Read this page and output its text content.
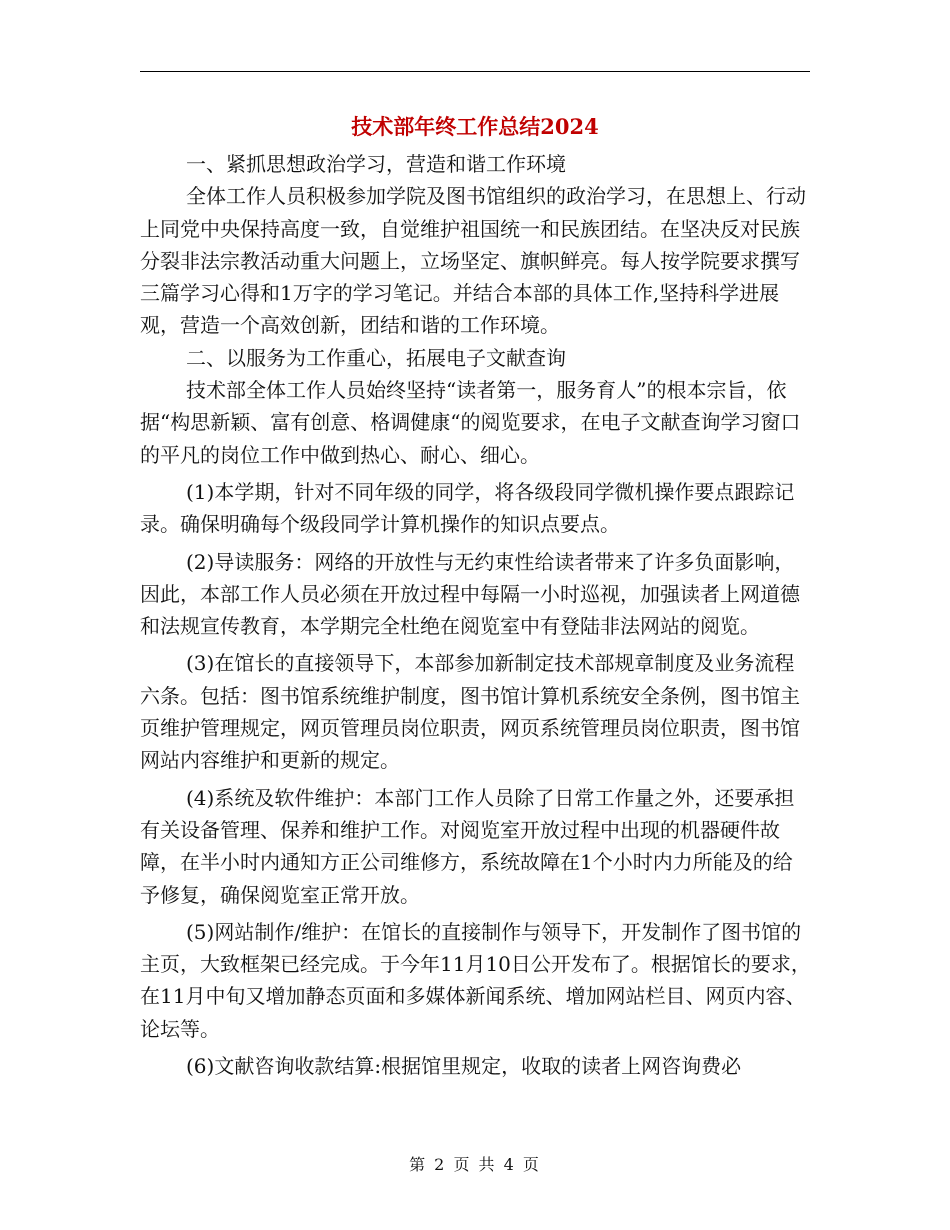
技术部年终工作总结2024

一、紧抓思想政治学习，营造和谐工作环境

全体工作人员积极参加学院及图书馆组织的政治学习，在思想上、行动上同党中央保持高度一致，自觉维护祖国统一和民族团结。在坚决反对民族分裂非法宗教活动重大问题上，立场坚定、旗帜鲜亮。每人按学院要求撰写三篇学习心得和1万字的学习笔记。并结合本部的具体工作,坚持科学进展观，营造一个高效创新，团结和谐的工作环境。

二、以服务为工作重心，拓展电子文献查询

技术部全体工作人员始终坚持“读者第一，服务育人”的根本宗旨，依据“构思新颖、富有创意、格调健康“的阅览要求，在电子文献查询学习窗口的平凡的岗位工作中做到热心、耐心、细心。

(1)本学期，针对不同年级的同学，将各级段同学微机操作要点跟踪记录。确保明确每个级段同学计算机操作的知识点要点。

(2)导读服务：网络的开放性与无约束性给读者带来了许多负面影响，因此，本部工作人员必须在开放过程中每隔一小时巡视，加强读者上网道德和法规宣传教育，本学期完全杜绝在阅览室中有登陆非法网站的阅览。

(3)在馆长的直接领导下，本部参加新制定技术部规章制度及业务流程六条。包括：图书馆系统维护制度，图书馆计算机系统安全条例，图书馆主页维护管理规定，网页管理员岗位职责，网页系统管理员岗位职责，图书馆网站内容维护和更新的规定。

(4)系统及软件维护：本部门工作人员除了日常工作量之外，还要承担有关设备管理、保养和维护工作。对阅览室开放过程中出现的机器硬件故障，在半小时内通知方正公司维修方，系统故障在1个小时内力所能及的给予修复，确保阅览室正常开放。

(5)网站制作/维护：在馆长的直接制作与领导下，开发制作了图书馆的主页，大致框架已经完成。于今年11月10日公开发布了。根据馆长的要求，在11月中旬又增加静态页面和多媒体新闻系统、增加网站栏目、网页内容、论坛等。

(6)文献咨询收款结算:根据馆里规定，收取的读者上网咨询费必

第 2 页 共 4 页
